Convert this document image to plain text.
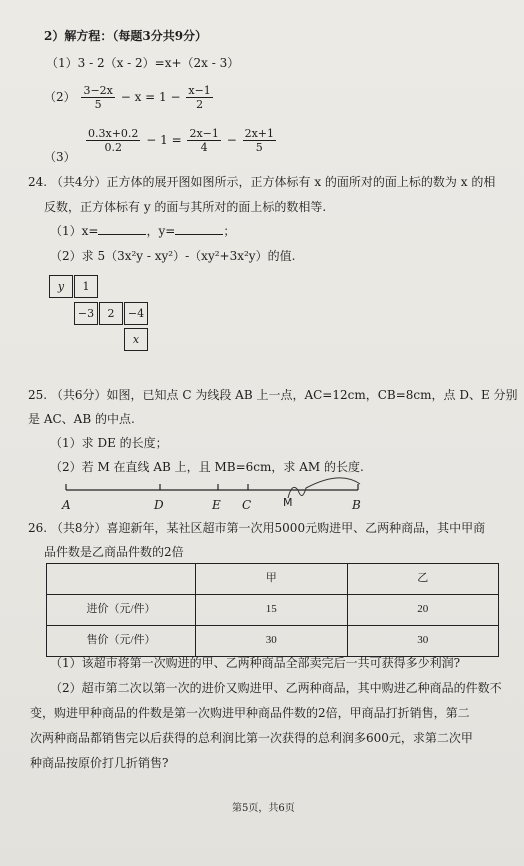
2）解方程：（每题3分共9分）
（1）3 - 2（x - 2）=x+（2x - 3）
$(2) \frac{3-2x}{5} - x = 1 - \frac{x-1}{2}$
$\frac{0.3x+0.2}{0.2} - 1 = \frac{2x-1}{4} - \frac{2x+1}{5}$
（3）
24. （共4分）正方体的展开图如图所示，正方体标有 x 的面所对的面上标的数为 x 的相
反数，正方体标有 y 的面与其所对的面上标的数相等.
（1）x=	，y=	；
（2）求 5（3x²y - xy²）-（xy²+3x²y）的值.
y	1
−3	2	−4
x
25. （共6分）如图，已知点 C 为线段 AB 上一点，AC=12cm，CB=8cm，点 D、E 分别
是 AC、AB 的中点.
（1）求 DE 的长度；
（2）若 M 在直线 AB 上，且 MB=6cm，求 AM 的长度.
A	D	E C	M	B
26. （共8分）喜迎新年，某社区超市第一次用5000元购进甲、乙两种商品，其中甲商
品件数是乙商品件数的2倍
	甲	乙
进价（元/件）	15	20
售价（元/件）	30	30
（1）该超市将第一次购进的甲、乙两种商品全部卖完后一共可获得多少利润?
（2）超市第二次以第一次的进价又购进甲、乙两种商品，其中购进乙种商品的件数不
变，购进甲种商品的件数是第一次购进甲种商品件数的2倍，甲商品打折销售，第二
次两种商品都销售完以后获得的总利润比第一次获得的总利润多600元，求第二次甲
种商品按原价打几折销售?
第5页，共6页
